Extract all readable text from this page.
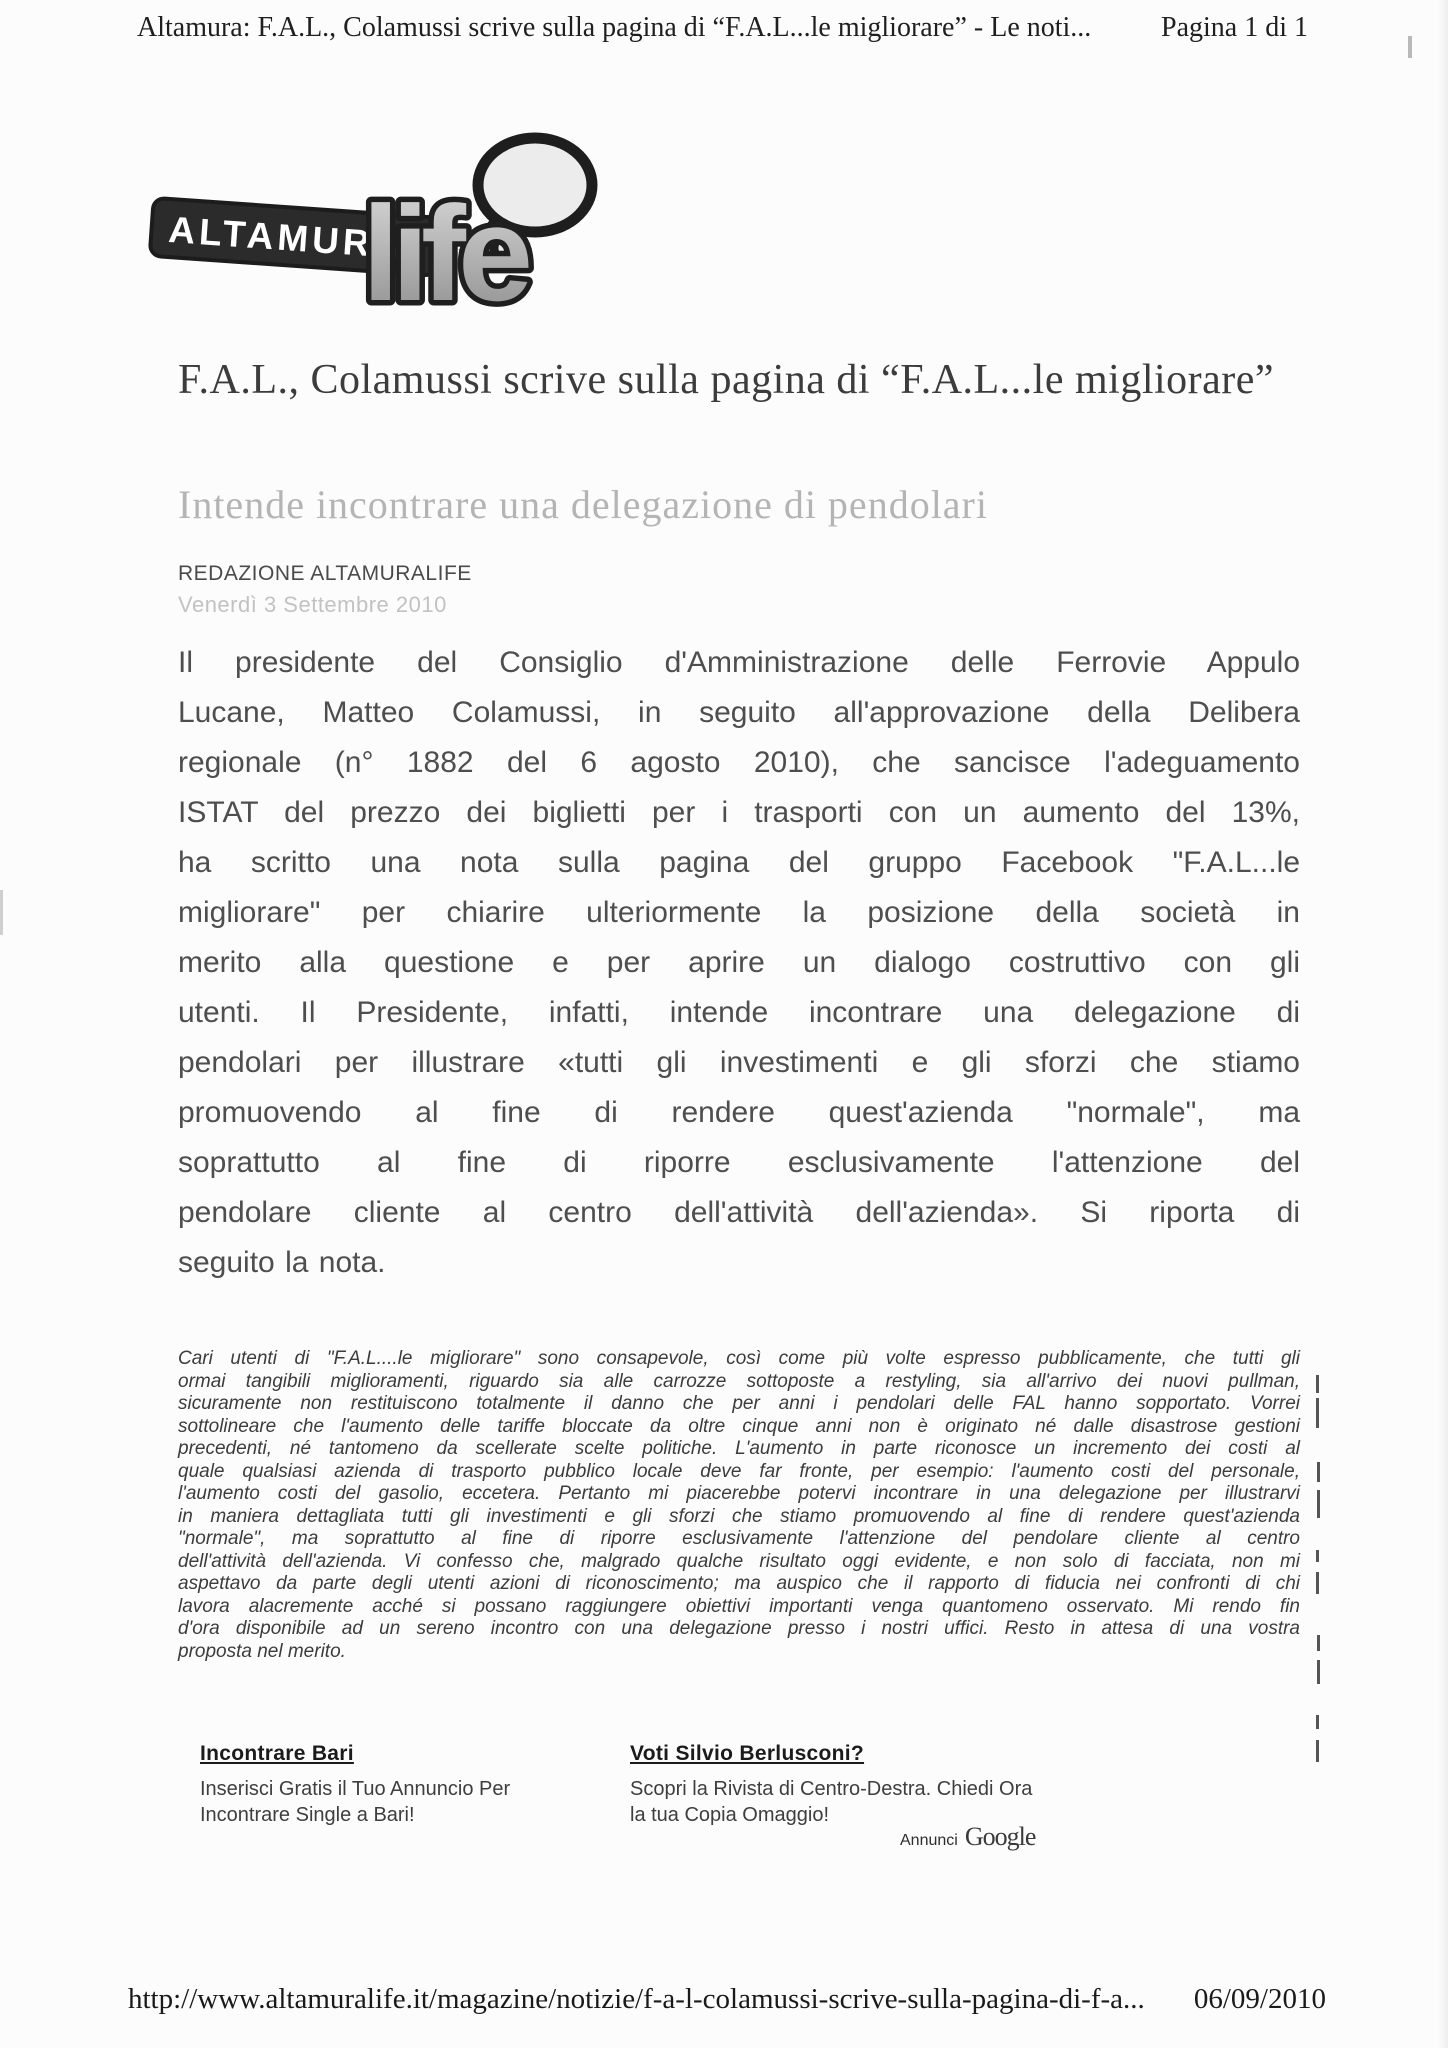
Altamura: F.A.L., Colamussi scrive sulla pagina di “F.A.L...le migliorare” - Le noti... Pagina 1 di 1
ALTAMURA
life
F.A.L., Colamussi scrive sulla pagina di “F.A.L...le migliorare”
Intende incontrare una delegazione di pendolari
REDAZIONE ALTAMURALIFE
Venerdì 3 Settembre 2010
Il presidente del Consiglio d'Amministrazione delle Ferrovie Appulo
Lucane, Matteo Colamussi, in seguito all'approvazione della Delibera
regionale (n° 1882 del 6 agosto 2010), che sancisce l'adeguamento
ISTAT del prezzo dei biglietti per i trasporti con un aumento del 13%,
ha scritto una nota sulla pagina del gruppo Facebook "F.A.L...le
migliorare" per chiarire ulteriormente la posizione della società in
merito alla questione e per aprire un dialogo costruttivo con gli
utenti. Il Presidente, infatti, intende incontrare una delegazione di
pendolari per illustrare «tutti gli investimenti e gli sforzi che stiamo
promuovendo al fine di rendere quest'azienda "normale", ma
soprattutto al fine di riporre esclusivamente l'attenzione del
pendolare cliente al centro dell'attività dell'azienda». Si riporta di
seguito la nota.
Cari utenti di "F.A.L....le migliorare" sono consapevole, così come più volte espresso pubblicamente, che tutti gli
ormai tangibili miglioramenti, riguardo sia alle carrozze sottoposte a restyling, sia all'arrivo dei nuovi pullman,
sicuramente non restituiscono totalmente il danno che per anni i pendolari delle FAL hanno sopportato. Vorrei
sottolineare che l'aumento delle tariffe bloccate da oltre cinque anni non è originato né dalle disastrose gestioni
precedenti, né tantomeno da scellerate scelte politiche. L'aumento in parte riconosce un incremento dei costi al
quale qualsiasi azienda di trasporto pubblico locale deve far fronte, per esempio: l'aumento costi del personale,
l'aumento costi del gasolio, eccetera. Pertanto mi piacerebbe potervi incontrare in una delegazione per illustrarvi
in maniera dettagliata tutti gli investimenti e gli sforzi che stiamo promuovendo al fine di rendere quest'azienda
"normale", ma soprattutto al fine di riporre esclusivamente l'attenzione del pendolare cliente al centro
dell'attività dell'azienda. Vi confesso che, malgrado qualche risultato oggi evidente, e non solo di facciata, non mi
aspettavo da parte degli utenti azioni di riconoscimento; ma auspico che il rapporto di fiducia nei confronti di chi
lavora alacremente acché si possano raggiungere obiettivi importanti venga quantomeno osservato. Mi rendo fin
d'ora disponibile ad un sereno incontro con una delegazione presso i nostri uffici. Resto in attesa di una vostra
proposta nel merito.
Incontrare Bari
Inserisci Gratis il Tuo Annuncio Per
Incontrare Single a Bari!
Voti Silvio Berlusconi?
Scopri la Rivista di Centro-Destra. Chiedi Ora
la tua Copia Omaggio!
Annunci Google
http://www.altamuralife.it/magazine/notizie/f-a-l-colamussi-scrive-sulla-pagina-di-f-a... 06/09/2010
